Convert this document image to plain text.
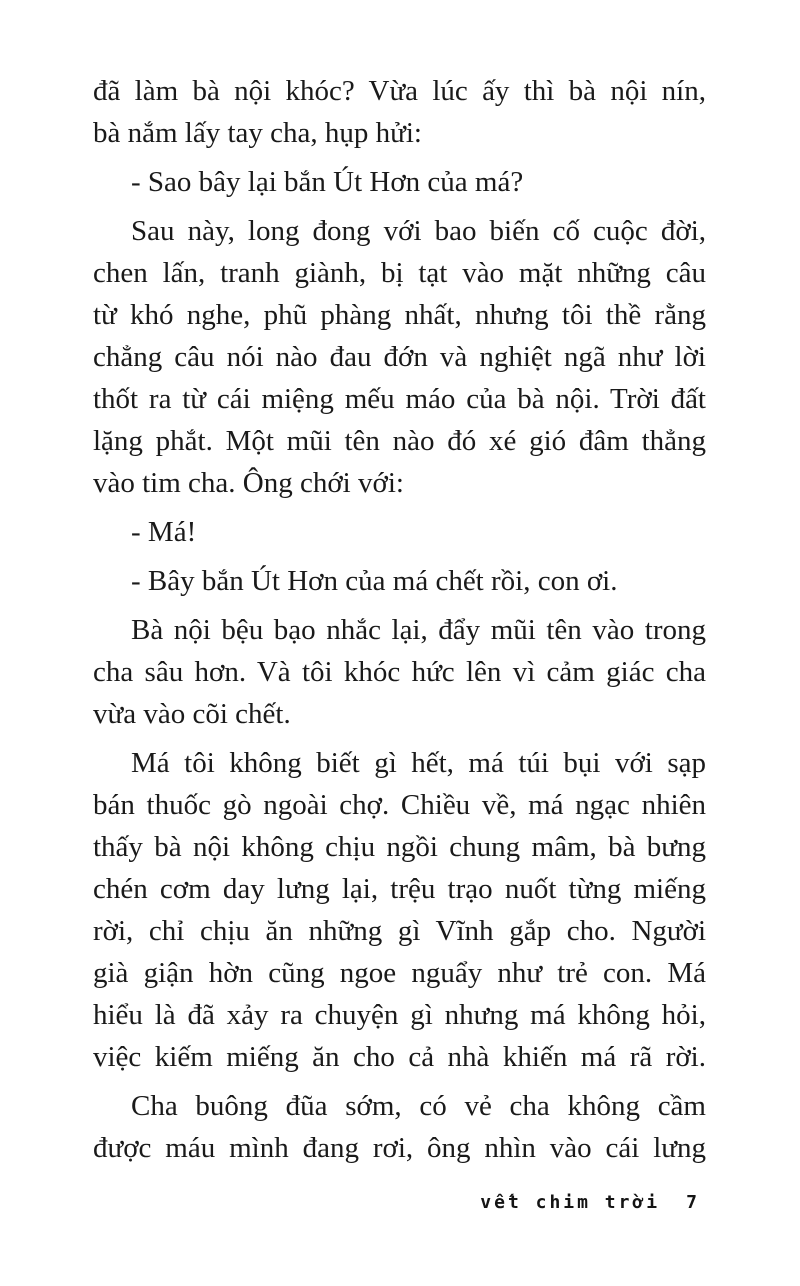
đã làm bà nội khóc? Vừa lúc ấy thì bà nội nín,
bà nắm lấy tay cha, hụp hửi:
- Sao bây lại bắn Út Hơn của má?
Sau này, long đong với bao biến cố cuộc đời,
chen lấn, tranh giành, bị tạt vào mặt những câu
từ khó nghe, phũ phàng nhất, nhưng tôi thề rằng
chẳng câu nói nào đau đớn và nghiệt ngã như lời
thốt ra từ cái miệng mếu máo của bà nội. Trời đất
lặng phắt. Một mũi tên nào đó xé gió đâm thẳng
vào tim cha. Ông chới với:
- Má!
- Bây bắn Út Hơn của má chết rồi, con ơi.
Bà nội bệu bạo nhắc lại, đẩy mũi tên vào trong
cha sâu hơn. Và tôi khóc hức lên vì cảm giác cha
vừa vào cõi chết.
Má tôi không biết gì hết, má túi bụi với sạp
bán thuốc gò ngoài chợ. Chiều về, má ngạc nhiên
thấy bà nội không chịu ngồi chung mâm, bà bưng
chén cơm day lưng lại, trệu trạo nuốt từng miếng
rời, chỉ chịu ăn những gì Vĩnh gắp cho. Người
già giận hờn cũng ngoe nguẩy như trẻ con. Má
hiểu là đã xảy ra chuyện gì nhưng má không hỏi,
việc kiếm miếng ăn cho cả nhà khiến má rã rời.
Cha buông đũa sớm, có vẻ cha không cầm
được máu mình đang rơi, ông nhìn vào cái lưng
vết chim trời 7
